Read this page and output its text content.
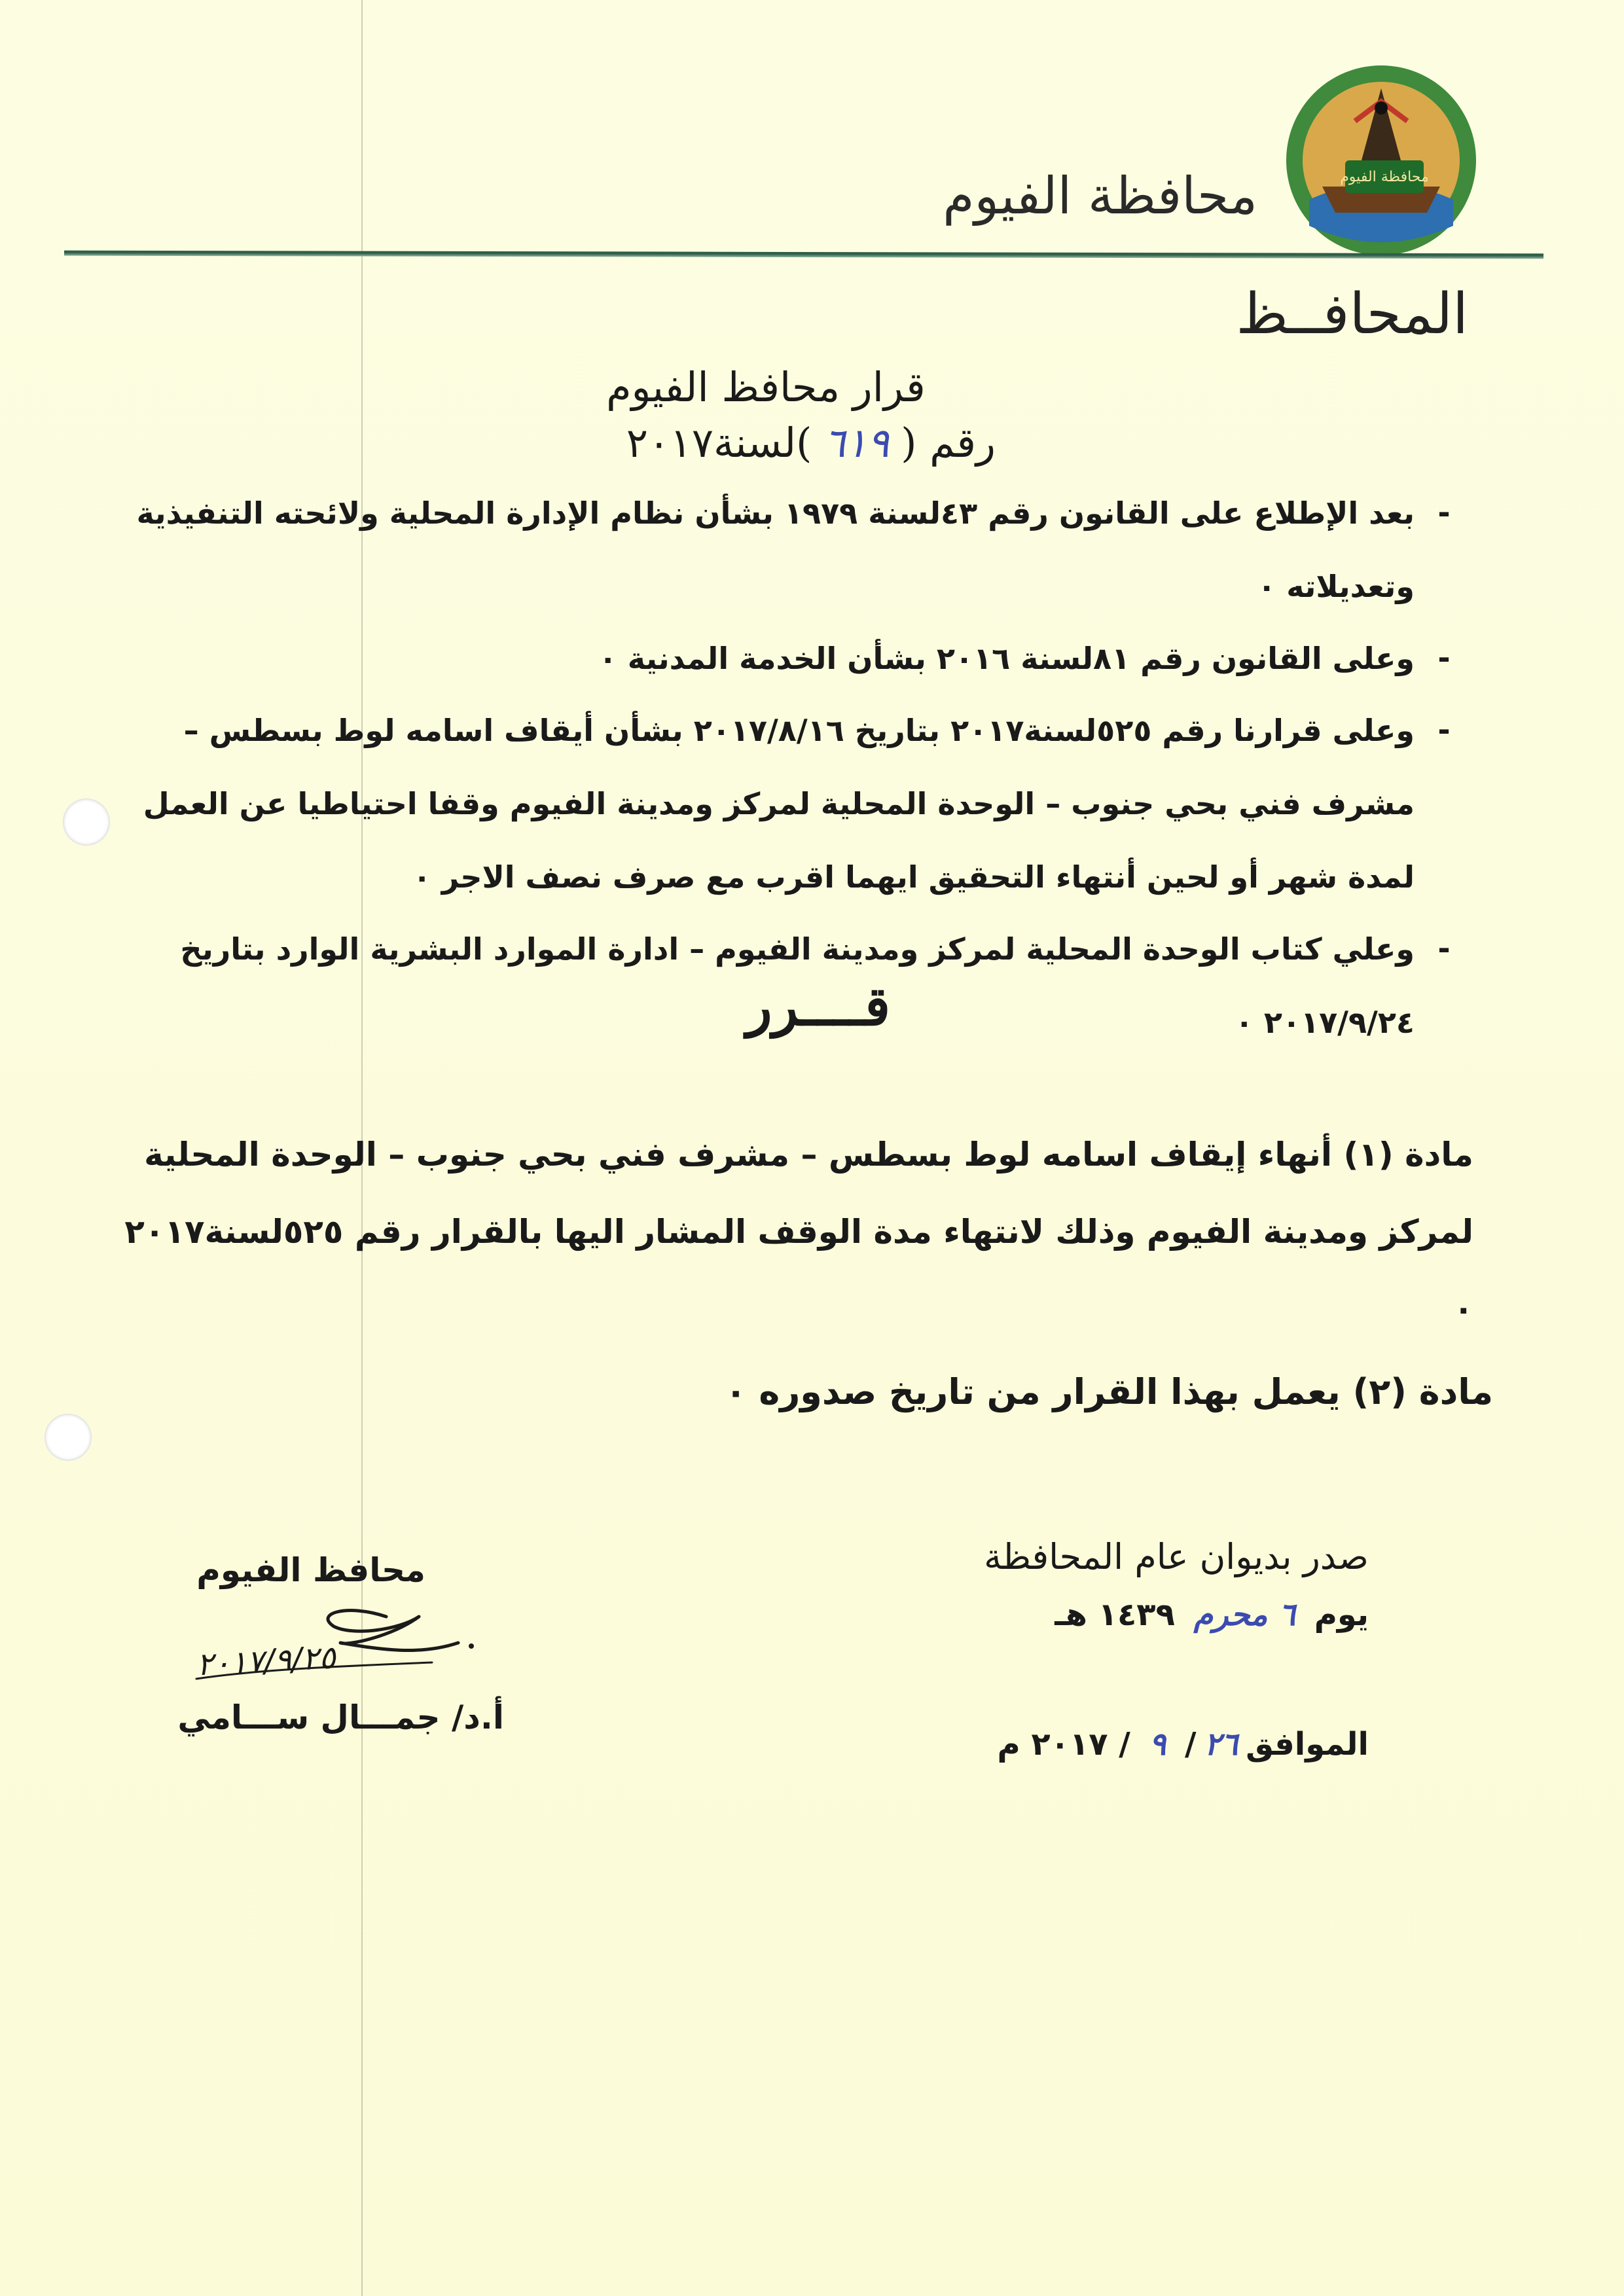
محافظة الفيوم
محافظة الفيوم
المحافــظ
قرار محافظ الفيوم
رقم (٦١٩)لسنة٢٠١٧
-
بعد الإطلاع على القانون رقم ٤٣لسنة ١٩٧٩ بشأن نظام الإدارة المحلية ولائحته التنفيذية وتعديلاته ٠
-
وعلى القانون رقم ٨١لسنة ٢٠١٦ بشأن الخدمة المدنية ٠
-
وعلى قرارنا رقم ٥٢٥لسنة٢٠١٧ بتاريخ ٢٠١٧/٨/١٦ بشأن أيقاف اسامه لوط بسطس – مشرف فني بحي جنوب – الوحدة المحلية لمركز ومدينة الفيوم وقفا احتياطيا عن العمل لمدة شهر أو لحين أنتهاء التحقيق ايهما اقرب مع صرف نصف الاجر ٠
-
وعلي كتاب الوحدة المحلية لمركز ومدينة الفيوم – ادارة الموارد البشرية الوارد بتاريخ ٢٠١٧/٩/٢٤ ٠
قــــرر
مادة (١) أنهاء إيقاف اسامه لوط بسطس – مشرف فني بحي جنوب – الوحدة المحلية لمركز ومدينة الفيوم وذلك لانتهاء مدة الوقف المشار اليها بالقرار رقم ٥٢٥لسنة٢٠١٧ ٠
مادة (٢) يعمل بهذا القرار من تاريخ صدوره ٠
صدر بديوان عام المحافظة
يوم ٦ محرم ١٤٣٩ هـ
الموافق٢٦/ ٩ / ٢٠١٧ م
محافظ الفيوم
أ.د/ جمـــال ســـامي
٢٠١٧/٩/٢٥
